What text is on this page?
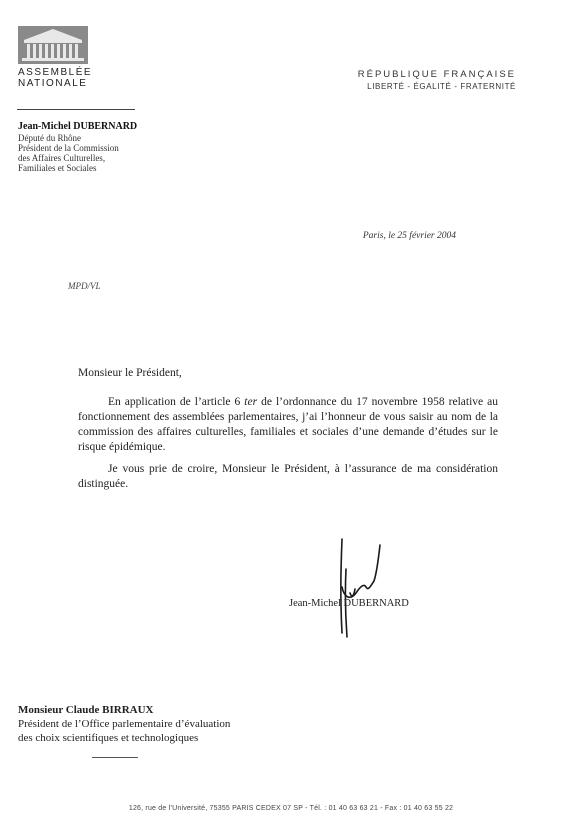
ASSEMBLÉE
NATIONALE
RÉPUBLIQUE FRANÇAISE
LIBERTÉ - ÉGALITÉ - FRATERNITÉ
Jean-Michel DUBERNARD
Député du Rhône
Président de la Commission
des Affaires Culturelles,
Familiales et Sociales
Paris, le 25 février 2004
MPD/VL
Monsieur le Président,
En application de l’article 6 ter de l’ordonnance du 17 novembre 1958 relative au fonctionnement des assemblées parlementaires, j’ai l’honneur de vous saisir au nom de la commission des affaires culturelles, familiales et sociales d’une demande d’études sur le risque épidémique.
Je vous prie de croire, Monsieur le Président, à l’assurance de ma considération distinguée.
Jean-Michel DUBERNARD
Monsieur Claude BIRRAUX
Président de l’Office parlementaire d’évaluation
des choix scientifiques et technologiques
126, rue de l’Université, 75355 PARIS CEDEX 07 SP - Tél. : 01 40 63 63 21 - Fax : 01 40 63 55 22
